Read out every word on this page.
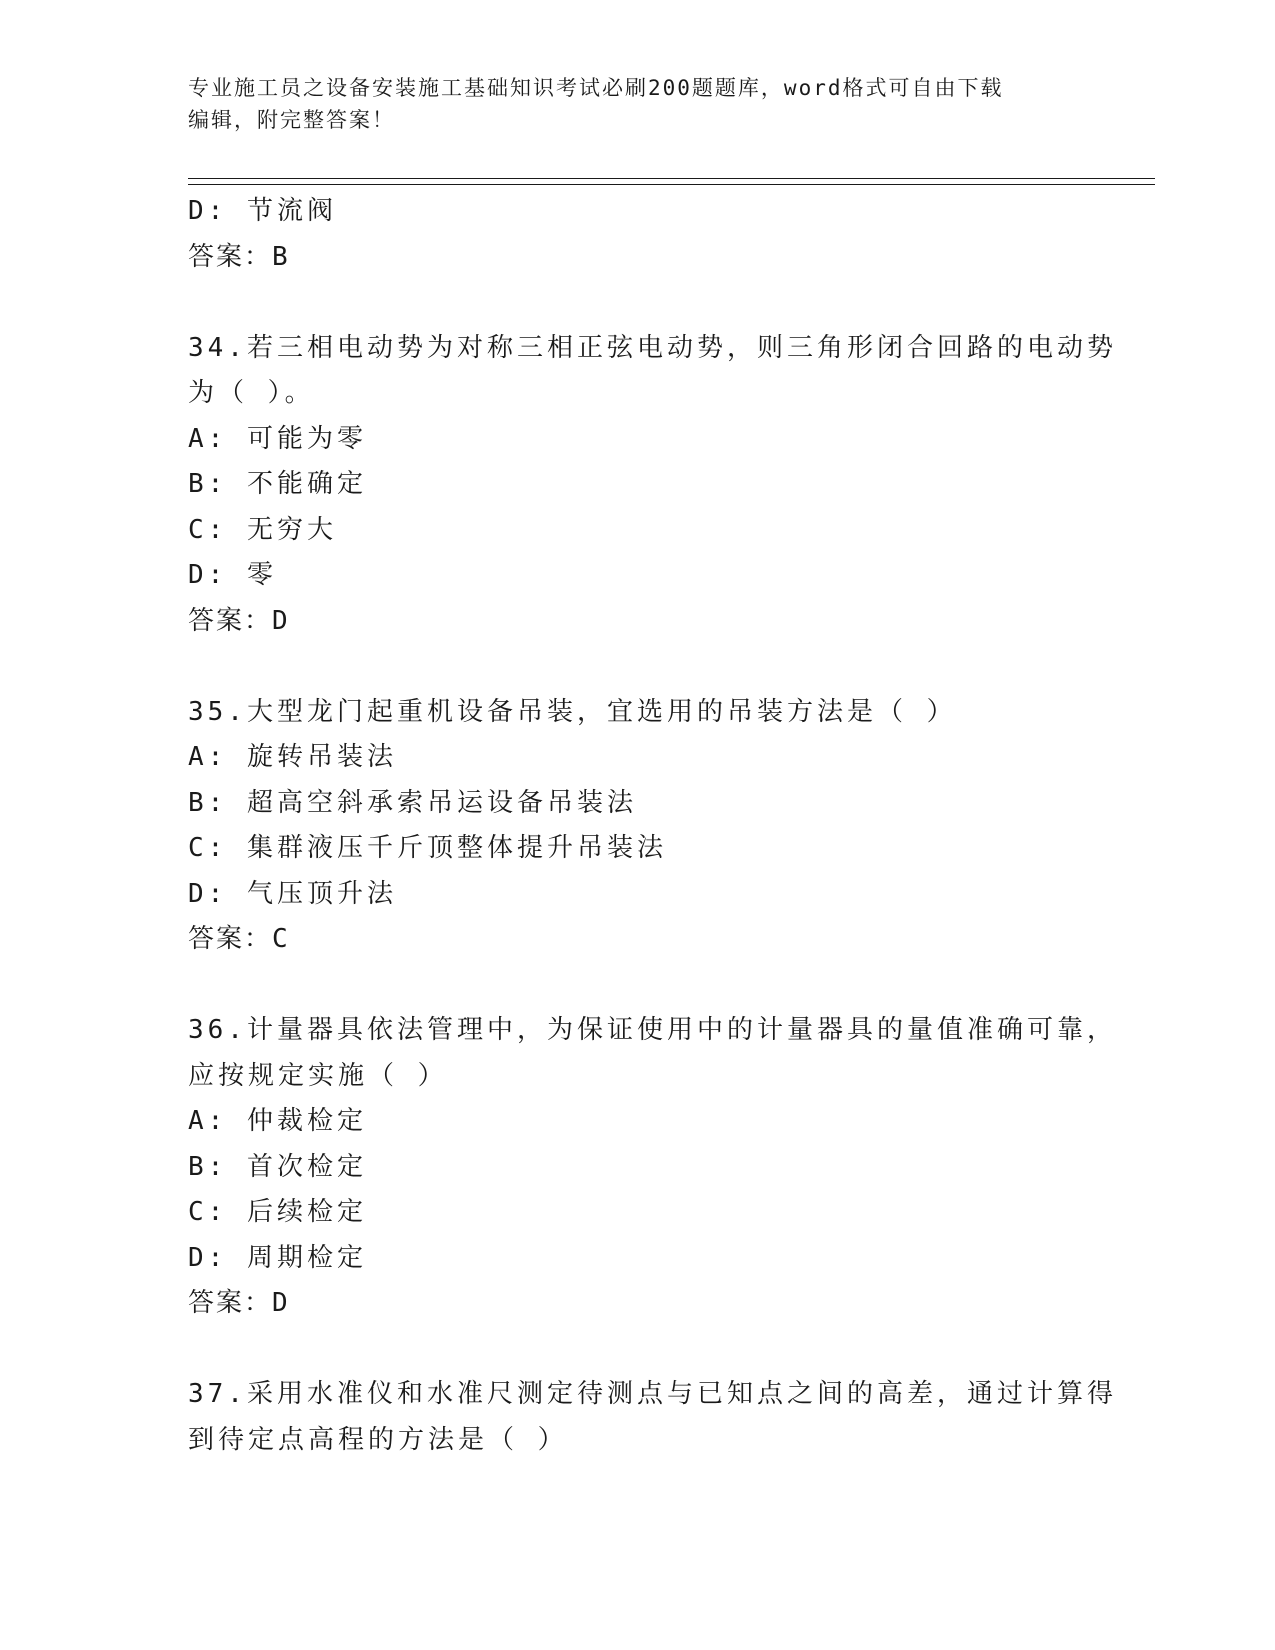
专业施工员之设备安装施工基础知识考试必刷200题题库，word格式可自由下载
编辑，附完整答案！
D: 节流阀
答案：B
34.若三相电动势为对称三相正弦电动势，则三角形闭合回路的电动势
为（ ）。
A: 可能为零
B: 不能确定
C: 无穷大
D: 零
答案：D
35.大型龙门起重机设备吊装，宜选用的吊装方法是（ ）
A: 旋转吊装法
B: 超高空斜承索吊运设备吊装法
C: 集群液压千斤顶整体提升吊装法
D: 气压顶升法
答案：C
36.计量器具依法管理中，为保证使用中的计量器具的量值准确可靠，
应按规定实施（ ）
A: 仲裁检定
B: 首次检定
C: 后续检定
D: 周期检定
答案：D
37.采用水准仪和水准尺测定待测点与已知点之间的高差，通过计算得
到待定点高程的方法是（ ）
